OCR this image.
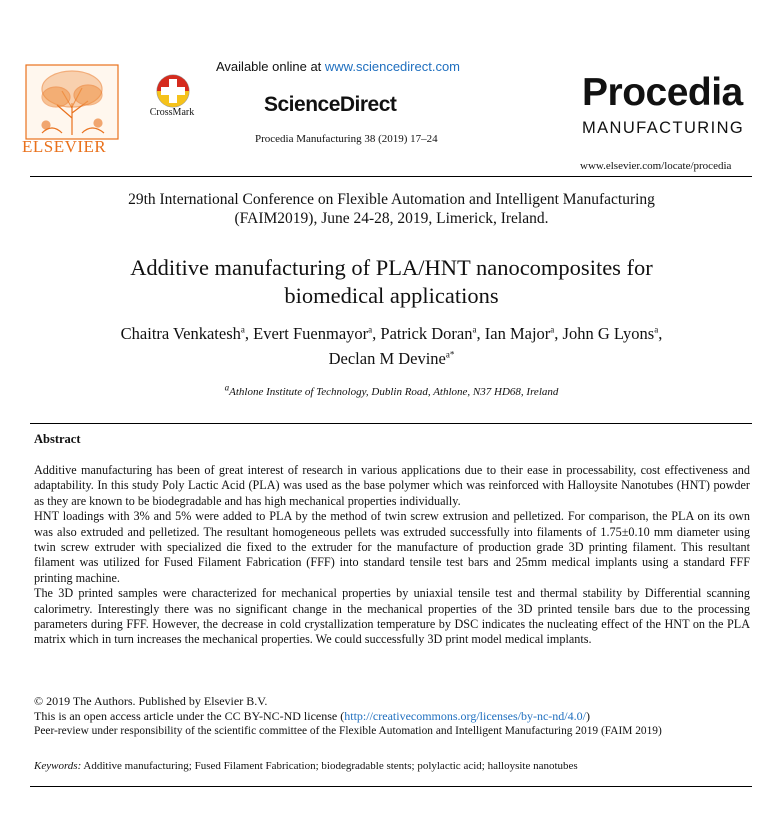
ELSEVIER
CrossMark
Available online at www.sciencedirect.com
ScienceDirect
Procedia Manufacturing 38 (2019) 17–24
Procedia
MANUFACTURING
www.elsevier.com/locate/procedia
29th International Conference on Flexible Automation and Intelligent Manufacturing
(FAIM2019), June 24-28, 2019, Limerick, Ireland.
Additive manufacturing of PLA/HNT nanocomposites for
biomedical applications
Chaitra Venkatesh$^a$, Evert Fuenmayor$^a$, Patrick Doran$^a$, Ian Major$^a$, John G Lyons$^a$,
Declan M Devine$^{a*}$
$^a$Athlone Institute of Technology, Dublin Road, Athlone, N37 HD68, Ireland
Abstract

Additive manufacturing has been of great interest of research in various applications due to their ease in processability, cost effectiveness and adaptability. In this study Poly Lactic Acid (PLA) was used as the base polymer which was reinforced with Halloysite Nanotubes (HNT) powder as they are known to be biodegradable and has high mechanical properties individually.

HNT loadings with 3% and 5% were added to PLA by the method of twin screw extrusion and pelletized. For comparison, the PLA on its own was also extruded and pelletized. The resultant homogeneous pellets was extruded successfully into filaments of 1.75±0.10 mm diameter using twin screw extruder with specialized die fixed to the extruder for the manufacture of production grade 3D printing filament. This resultant filament was utilized for Fused Filament Fabrication (FFF) into standard tensile test bars and 25mm medical implants using a standard FFF printing machine.

The 3D printed samples were characterized for mechanical properties by uniaxial tensile test and thermal stability by Differential scanning calorimetry. Interestingly there was no significant change in the mechanical properties of the 3D printed tensile bars due to the processing parameters during FFF. However, the decrease in cold crystallization temperature by DSC indicates the nucleating effect of the HNT on the PLA matrix which in turn increases the mechanical properties. We could successfully 3D print model medical implants.

© 2019 The Authors. Published by Elsevier B.V.
This is an open access article under the CC BY-NC-ND license (http://creativecommons.org/licenses/by-nc-nd/4.0/)
Peer-review under responsibility of the scientific committee of the Flexible Automation and Intelligent Manufacturing 2019 (FAIM 2019)
Keywords: Additive manufacturing; Fused Filament Fabrication; biodegradable stents; polylactic acid; halloysite nanotubes
